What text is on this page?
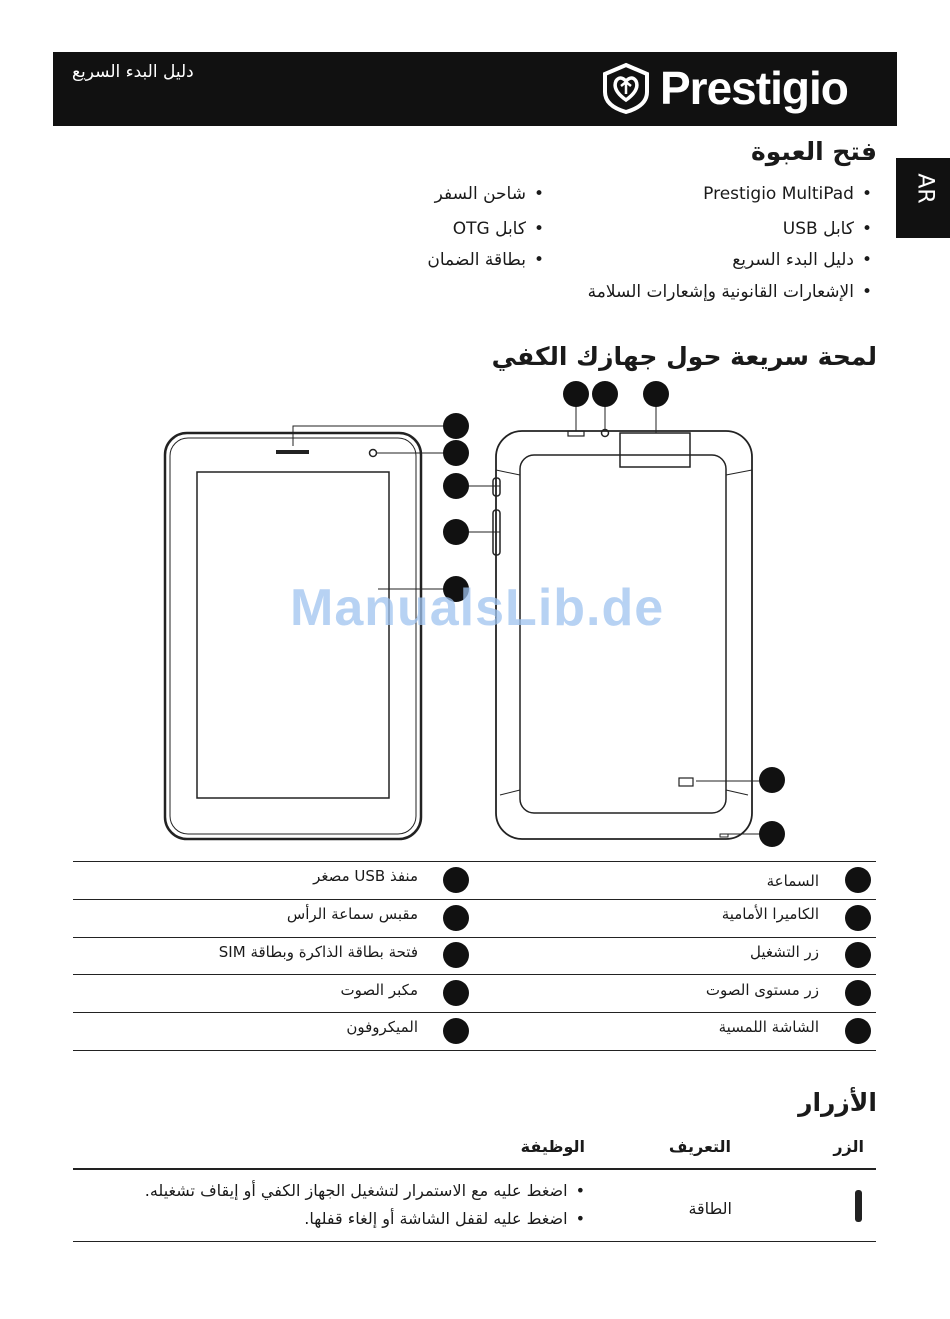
دليل البدء السريع	Prestigio
AR
فتح العبوة
• Prestigio MultiPad
• كابل USB
• دليل البدء السريع
• الإشعارات القانونية وإشعارات السلامة
• شاحن السفر
• كابل OTG
• بطاقة الضمان
لمحة سريعة حول جهازك الكفي
ManualsLib.de
السماعة
الكاميرا الأمامية
زر التشغيل
زر مستوى الصوت
الشاشة اللمسية
منفذ USB مصغر
مقبس سماعة الرأس
فتحة بطاقة الذاكرة وبطاقة SIM
مكبر الصوت
الميكروفون
الأزرار
الزر
التعريف
الوظيفة
الطاقة
• اضغط عليه مع الاستمرار لتشغيل الجهاز الكفي أو إيقاف تشغيله.
• اضغط عليه لقفل الشاشة أو إلغاء قفلها.
